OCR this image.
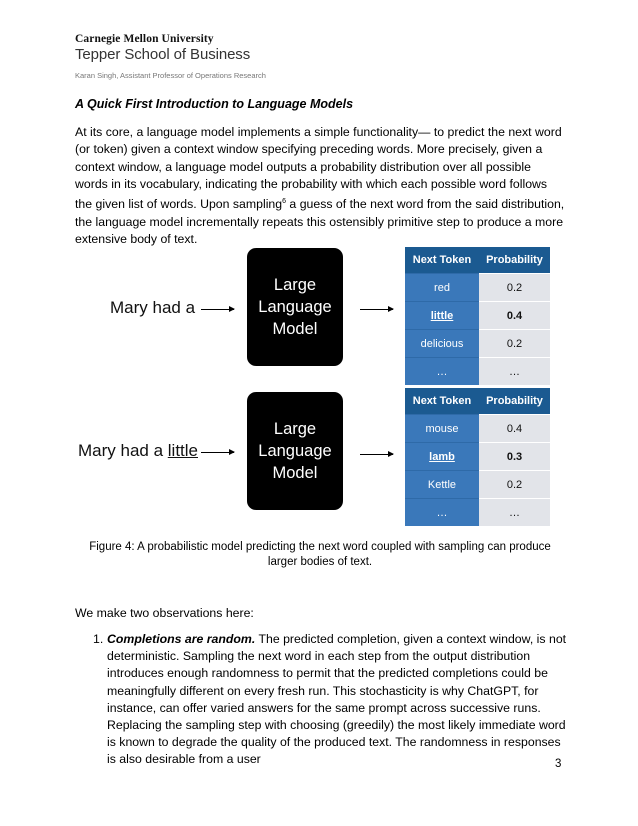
Carnegie Mellon University
Tepper School of Business
Karan Singh, Assistant Professor of Operations Research
A Quick First Introduction to Language Models
At its core, a language model implements a simple functionality— to predict the next word (or token) given a context window specifying preceding words. More precisely, given a context window, a language model outputs a probability distribution over all possible words in its vocabulary, indicating the probability with which each possible word follows the given list of words. Upon sampling$^6$ a guess of the next word from the said distribution, the language model incrementally repeats this ostensibly primitive step to produce a more extensive body of text.
Mary had a
Large
Language
Model
Next Token	Probability
red	0.2
little	0.4
delicious	0.2
…	…
Mary had a little
Large
Language
Model
Next Token	Probability
mouse	0.4
lamb	0.3
Kettle	0.2
…	…
Figure 4: A probabilistic model predicting the next word coupled with sampling can produce larger bodies of text.
We make two observations here:
1. Completions are random. The predicted completion, given a context window, is not deterministic. Sampling the next word in each step from the output distribution introduces enough randomness to permit that the predicted completions could be meaningfully different on every fresh run. This stochasticity is why ChatGPT, for instance, can offer varied answers for the same prompt across successive runs. Replacing the sampling step with choosing (greedily) the most likely immediate word is known to degrade the quality of the produced text. The randomness in responses is also desirable from a user	3
